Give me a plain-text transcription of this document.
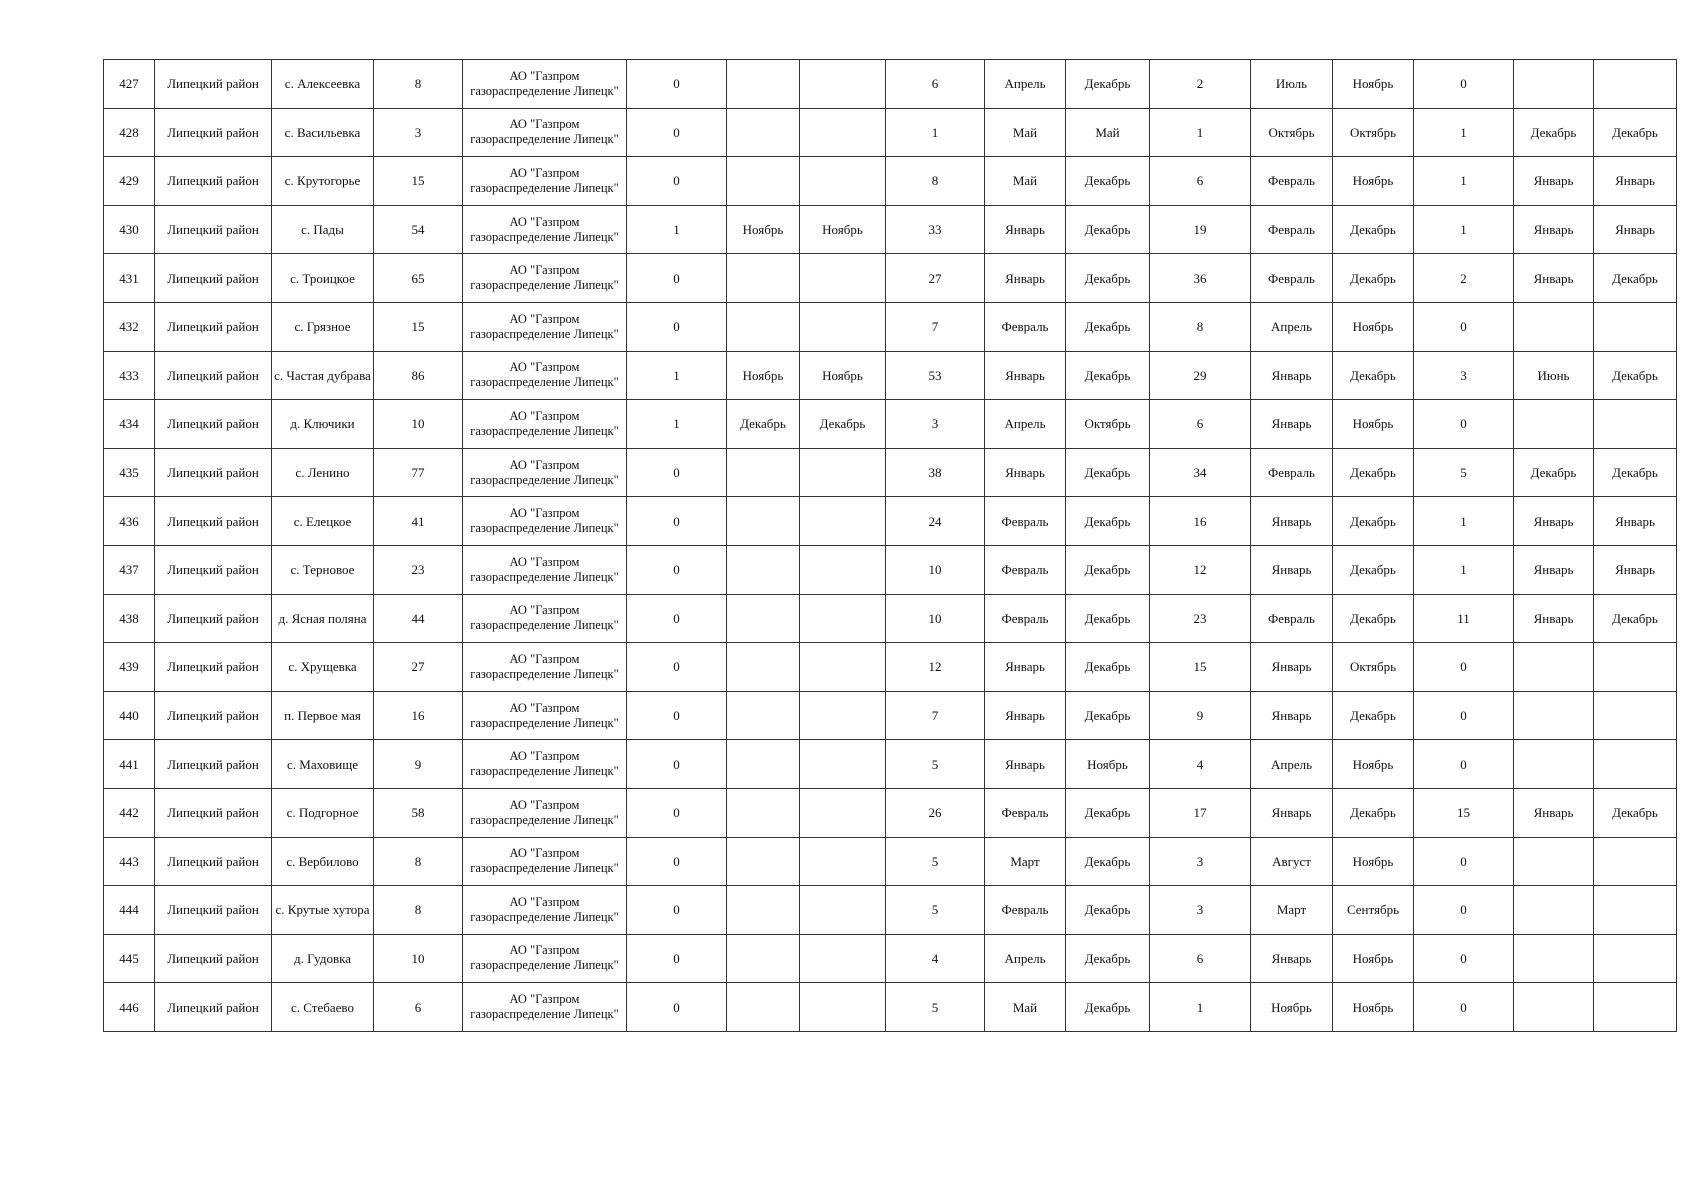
427	Липецкий район	с. Алексеевка	8	АО "Газпром газораспределение Липецк"	0			6	Апрель	Декабрь	2	Июль	Ноябрь	0		
428	Липецкий район	с. Васильевка	3	АО "Газпром газораспределение Липецк"	0			1	Май	Май	1	Октябрь	Октябрь	1	Декабрь	Декабрь
429	Липецкий район	с. Крутогорье	15	АО "Газпром газораспределение Липецк"	0			8	Май	Декабрь	6	Февраль	Ноябрь	1	Январь	Январь
430	Липецкий район	с. Пады	54	АО "Газпром газораспределение Липецк"	1	Ноябрь	Ноябрь	33	Январь	Декабрь	19	Февраль	Декабрь	1	Январь	Январь
431	Липецкий район	с. Троицкое	65	АО "Газпром газораспределение Липецк"	0			27	Январь	Декабрь	36	Февраль	Декабрь	2	Январь	Декабрь
432	Липецкий район	с. Грязное	15	АО "Газпром газораспределение Липецк"	0			7	Февраль	Декабрь	8	Апрель	Ноябрь	0		
433	Липецкий район	с. Частая дубрава	86	АО "Газпром газораспределение Липецк"	1	Ноябрь	Ноябрь	53	Январь	Декабрь	29	Январь	Декабрь	3	Июнь	Декабрь
434	Липецкий район	д. Ключики	10	АО "Газпром газораспределение Липецк"	1	Декабрь	Декабрь	3	Апрель	Октябрь	6	Январь	Ноябрь	0		
435	Липецкий район	с. Ленино	77	АО "Газпром газораспределение Липецк"	0			38	Январь	Декабрь	34	Февраль	Декабрь	5	Декабрь	Декабрь
436	Липецкий район	с. Елецкое	41	АО "Газпром газораспределение Липецк"	0			24	Февраль	Декабрь	16	Январь	Декабрь	1	Январь	Январь
437	Липецкий район	с. Терновое	23	АО "Газпром газораспределение Липецк"	0			10	Февраль	Декабрь	12	Январь	Декабрь	1	Январь	Январь
438	Липецкий район	д. Ясная поляна	44	АО "Газпром газораспределение Липецк"	0			10	Февраль	Декабрь	23	Февраль	Декабрь	11	Январь	Декабрь
439	Липецкий район	с. Хрущевка	27	АО "Газпром газораспределение Липецк"	0			12	Январь	Декабрь	15	Январь	Октябрь	0		
440	Липецкий район	п. Первое мая	16	АО "Газпром газораспределение Липецк"	0			7	Январь	Декабрь	9	Январь	Декабрь	0		
441	Липецкий район	с. Маховище	9	АО "Газпром газораспределение Липецк"	0			5	Январь	Ноябрь	4	Апрель	Ноябрь	0		
442	Липецкий район	с. Подгорное	58	АО "Газпром газораспределение Липецк"	0			26	Февраль	Декабрь	17	Январь	Декабрь	15	Январь	Декабрь
443	Липецкий район	с. Вербилово	8	АО "Газпром газораспределение Липецк"	0			5	Март	Декабрь	3	Август	Ноябрь	0		
444	Липецкий район	с. Крутые хутора	8	АО "Газпром газораспределение Липецк"	0			5	Февраль	Декабрь	3	Март	Сентябрь	0		
445	Липецкий район	д. Гудовка	10	АО "Газпром газораспределение Липецк"	0			4	Апрель	Декабрь	6	Январь	Ноябрь	0		
446	Липецкий район	с. Стебаево	6	АО "Газпром газораспределение Липецк"	0			5	Май	Декабрь	1	Ноябрь	Ноябрь	0		
